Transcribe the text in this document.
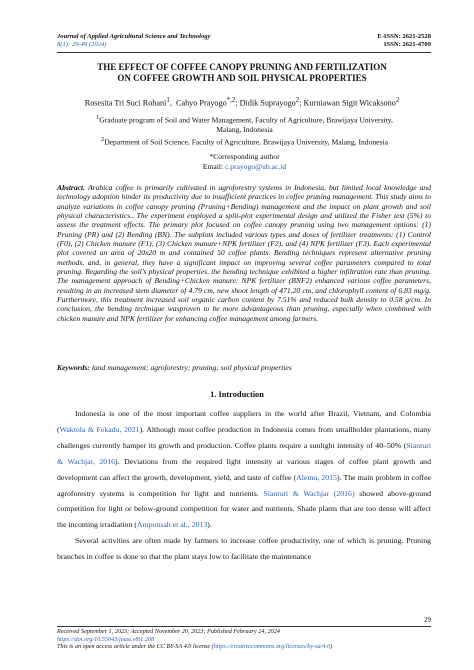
Journal of Applied Agricultural Science and Technology
8(1): 29-49 (2024)
E-ISSN: 2621-2528
ISSN: 2621-4709
THE EFFECT OF COFFEE CANOPY PRUNING AND FERTILIZATION
ON COFFEE GROWTH AND SOIL PHYSICAL PROPERTIES
Rosesita Tri Suci Rohani$^1$,  Cahyo Prayogo$^{*,2}$; Didik Suprayogo$^2$; Kurniawan Sigit Wicaksono$^2$
$^1$Graduate program of Soil and Water Management, Faculty of Agriculture, Brawijaya University,
Malang, Indonesia
$^2$Department of Soil Science, Faculty of Agriculture, Brawijaya University, Malang, Indonesia
*Corresponding author
Email: c.prayogo@ub.ac.id
Abstract. Arabica coffee is primarily cultivated in agroforestry systems in Indonesia, but limited local knowledge and technology adoption hinder its productivity due to insufficient practices in coffee pruning management. This study aims to analyze variations in coffee canopy pruning (Pruning+Bending) management and the impact on plant growth and soil physical characteristics.. The experiment employed a split-plot experimental design and utilized the Fisher test (5%) to assess the treatment effects. The primary plot focused on coffee canopy pruning using two management options: (1) Pruning (PR) and (2) Bending (BN). The subplots included various types and doses of fertilizer treatments: (1) Control (F0), (2) Chicken manure (F1), (3) Chicken manure+NPK fertilizer (F2), and (4) NPK fertilizer (F3). Each experimental plot covered an area of 20x20 m and contained 50 coffee plants. Bending techniques represent alternative pruning methods, and, in general, they have a significant impact on improving several coffee parameters compared to total pruning. Regarding the soil’s physical properties, the bending technique exhibited a higher infiltration rate than pruning. The management approach of Bending+Chicken manure: NPK fertilizer (BNF2) enhanced various coffee parameters, resulting in an increased stem diameter of 4.79 cm, new shoot length of 471.20 cm, and chlorophyll content of 6.83 mg/g. Furthermore, this treatment increased soil organic carbon content by 7.51% and reduced bulk density to 0.58 g/cm. In conclusion, the bending technique wasproven to be more advantageous than pruning, especially when combined with chicken manure and NPK fertilizer for enhancing coffee management among farmers.
Keywords: land management; agroforestry; pruning; soil physical properties
1. Introduction

Indonesia is one of the most important coffee suppliers in the world after Brazil, Vietnam, and Colombia (Waktola & Fekadu, 2021). Although most coffee production in Indonesia comes from smallholder plantations, many challenges currently hamper its growth and production. Coffee plants require a sunlight intensity of 40–50% (Sianturi & Wachjar, 2016). Deviations from the required light intensity at various stages of coffee plant growth and development can affect the growth, development, yield, and taste of coffee (Alemu, 2015). The main problem in coffee agroforestry systems is competition for light and nutrients. Sianturi & Wachjar (2016) showed above-ground competition for light or below-ground competition for water and nutrients. Shade plants that are too dense will affect the incoming irradiation (Amponsah et al., 2013).

Several activities are often made by farmers to increase coffee productivity, one of which is pruning. Pruning branches in coffee is done so that the plant stays low to facilitate the maintenance

29
Received September 1, 2023; Accepted November 20, 2023; Published February 24, 2024
https://doi.org/10.55043/jaast.v8i1.208
This is an open access article under the CC BY-SA 4.0 license (https://creativecommons.org/licenses/by-sa/4.0)
